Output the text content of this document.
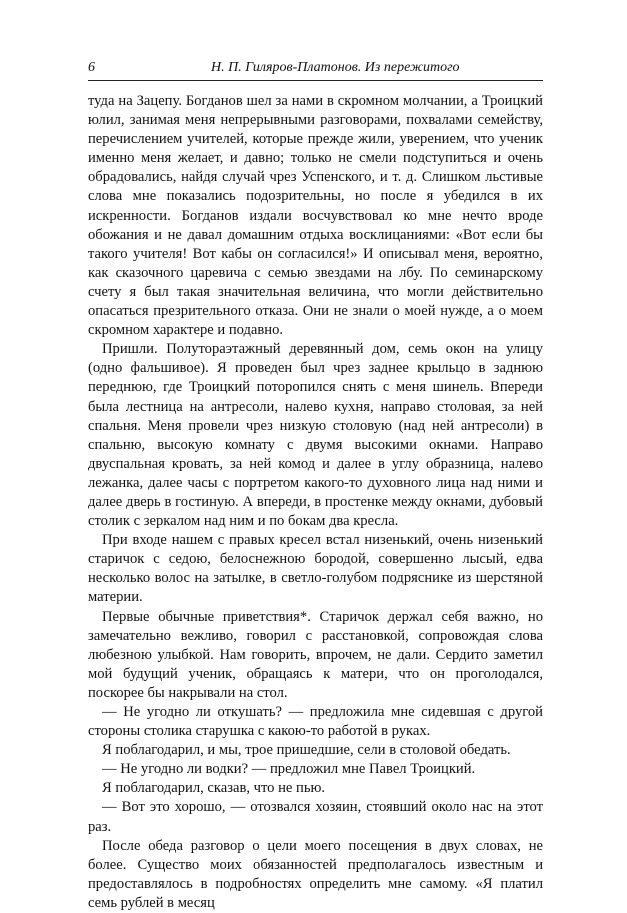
6	Н. П. Гиляров-Платонов. Из пережитого

туда на Зацепу. Богданов шел за нами в скромном молчании, а Троицкий юлил, занимая меня непрерывными разговорами, похвалами семейству, перечислением учителей, которые прежде жили, уверением, что ученик именно меня желает, и давно; только не смели подступиться и очень обрадовались, найдя случай чрез Успенского, и т. д. Слишком льстивые слова мне показались подозрительны, но после я убедился в их искренности. Богданов издали восчувствовал ко мне нечто вроде обожания и не давал домашним отдыха восклицаниями: «Вот если бы такого учителя! Вот кабы он согласился!» И описывал меня, вероятно, как сказочного царевича с семью звездами на лбу. По семинарскому счету я был такая значительная величина, что могли действительно опасаться презрительного отказа. Они не знали о моей нужде, а о моем скромном характере и подавно.

Пришли. Полутораэтажный деревянный дом, семь окон на улицу (одно фальшивое). Я проведен был чрез заднее крыльцо в заднюю переднюю, где Троицкий поторопился снять с меня шинель. Впереди была лестница на антресоли, налево кухня, направо столовая, за ней спальня. Меня провели чрез низкую столовую (над ней антресоли) в спальню, высокую комнату с двумя высокими окнами. Направо двуспальная кровать, за ней комод и далее в углу образница, налево лежанка, далее часы с портретом какого-то духовного лица над ними и далее дверь в гостиную. А впереди, в простенке между окнами, дубовый столик с зеркалом над ним и по бокам два кресла.

При входе нашем с правых кресел встал низенький, очень низенький старичок с седою, белоснежною бородой, совершенно лысый, едва несколько волос на затылке, в светло-голубом подряснике из шерстяной материи.

Первые обычные приветствия*. Старичок держал себя важно, но замечательно вежливо, говорил с расстановкой, сопровождая слова любезною улыбкой. Нам говорить, впрочем, не дали. Сердито заметил мой будущий ученик, обращаясь к матери, что он проголодался, поскорее бы накрывали на стол.

— Не угодно ли откушать? — предложила мне сидевшая с другой стороны столика старушка с какою-то работой в руках.

Я поблагодарил, и мы, трое пришедшие, сели в столовой обедать.

— Не угодно ли водки? — предложил мне Павел Троицкий.

Я поблагодарил, сказав, что не пью.

— Вот это хорошо, — отозвался хозяин, стоявший около нас на этот раз.

После обеда разговор о цели моего посещения в двух словах, не более. Существо моих обязанностей предполагалось известным и предоставлялось в подробностях определить мне самому. «Я платил семь рублей в месяц
